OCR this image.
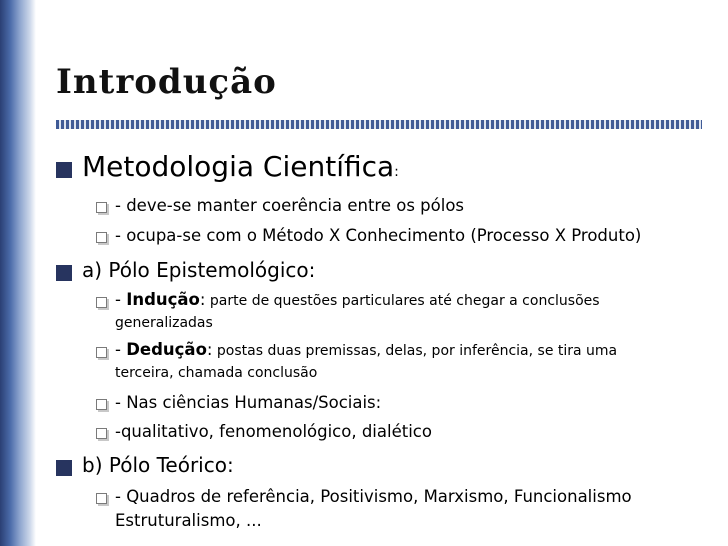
Introdução
Metodologia Científica:
- deve-se manter coerência entre os pólos
- ocupa-se com o Método X Conhecimento (Processo X Produto)
a) Pólo Epistemológico:
- Indução: parte de questões particulares até chegar a conclusões
generalizadas
- Dedução: postas duas premissas, delas, por inferência, se tira uma
terceira, chamada conclusão
- Nas ciências Humanas/Sociais:
-qualitativo, fenomenológico, dialético
b) Pólo Teórico:
- Quadros de referência, Positivismo, Marxismo, Funcionalismo
Estruturalismo, ...
